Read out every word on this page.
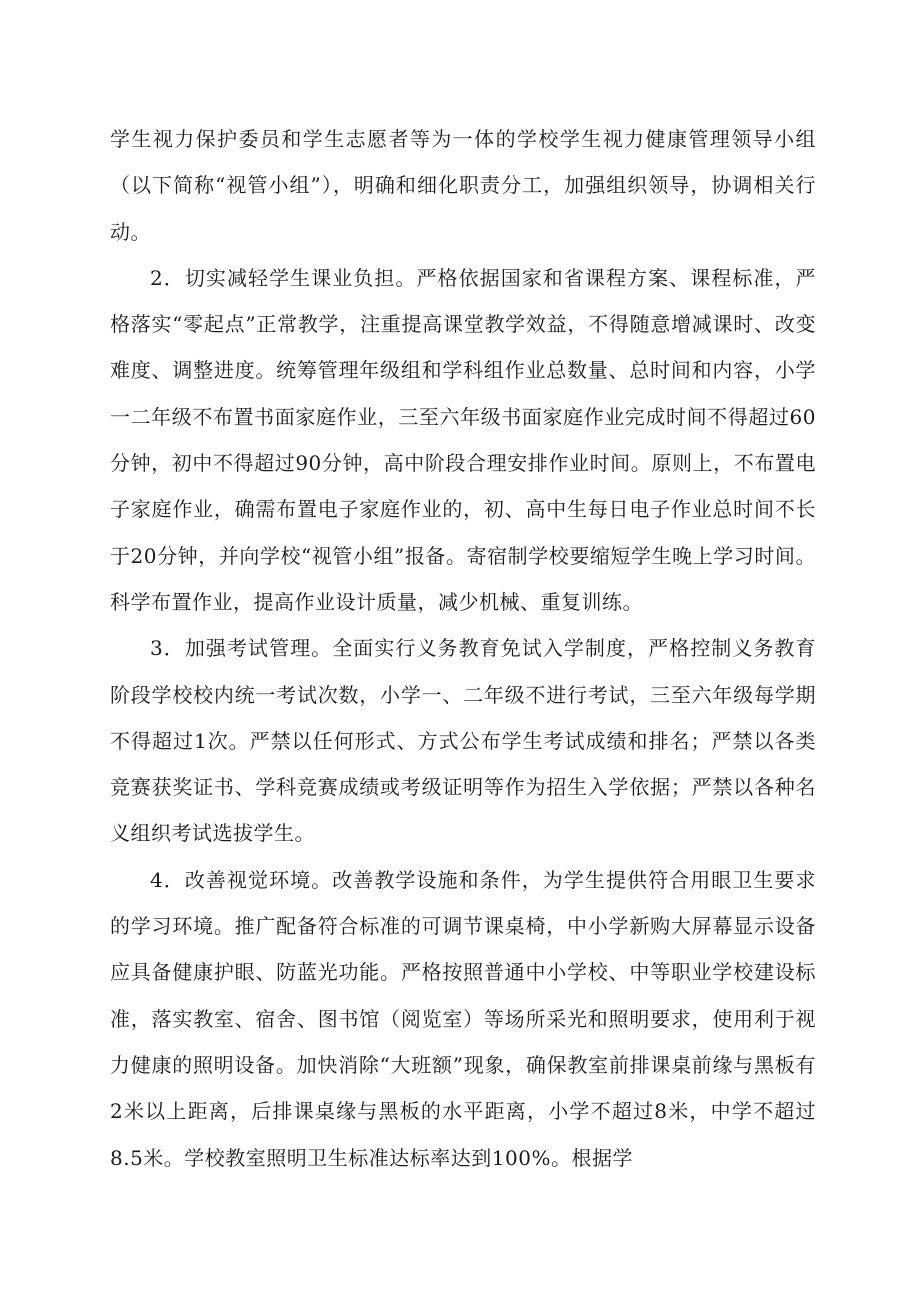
学生视力保护委员和学生志愿者等为一体的学校学生视力健康管理领导小组（以下简称“视管小组”），明确和细化职责分工，加强组织领导，协调相关行动。

2．切实减轻学生课业负担。严格依据国家和省课程方案、课程标准，严格落实“零起点”正常教学，注重提高课堂教学效益，不得随意增减课时、改变难度、调整进度。统筹管理年级组和学科组作业总数量、总时间和内容，小学一二年级不布置书面家庭作业，三至六年级书面家庭作业完成时间不得超过60分钟，初中不得超过90分钟，高中阶段合理安排作业时间。原则上，不布置电子家庭作业，确需布置电子家庭作业的，初、高中生每日电子作业总时间不长于20分钟，并向学校“视管小组”报备。寄宿制学校要缩短学生晚上学习时间。科学布置作业，提高作业设计质量，减少机械、重复训练。

3．加强考试管理。全面实行义务教育免试入学制度，严格控制义务教育阶段学校校内统一考试次数，小学一、二年级不进行考试，三至六年级每学期不得超过1次。严禁以任何形式、方式公布学生考试成绩和排名；严禁以各类竞赛获奖证书、学科竞赛成绩或考级证明等作为招生入学依据；严禁以各种名义组织考试选拔学生。

4．改善视觉环境。改善教学设施和条件，为学生提供符合用眼卫生要求的学习环境。推广配备符合标准的可调节课桌椅，中小学新购大屏幕显示设备应具备健康护眼、防蓝光功能。严格按照普通中小学校、中等职业学校建设标准，落实教室、宿舍、图书馆（阅览室）等场所采光和照明要求，使用利于视力健康的照明设备。加快消除“大班额”现象，确保教室前排课桌前缘与黑板有2米以上距离，后排课桌缘与黑板的水平距离，小学不超过8米，中学不超过8.5米。学校教室照明卫生标准达标率达到100%。根据学
